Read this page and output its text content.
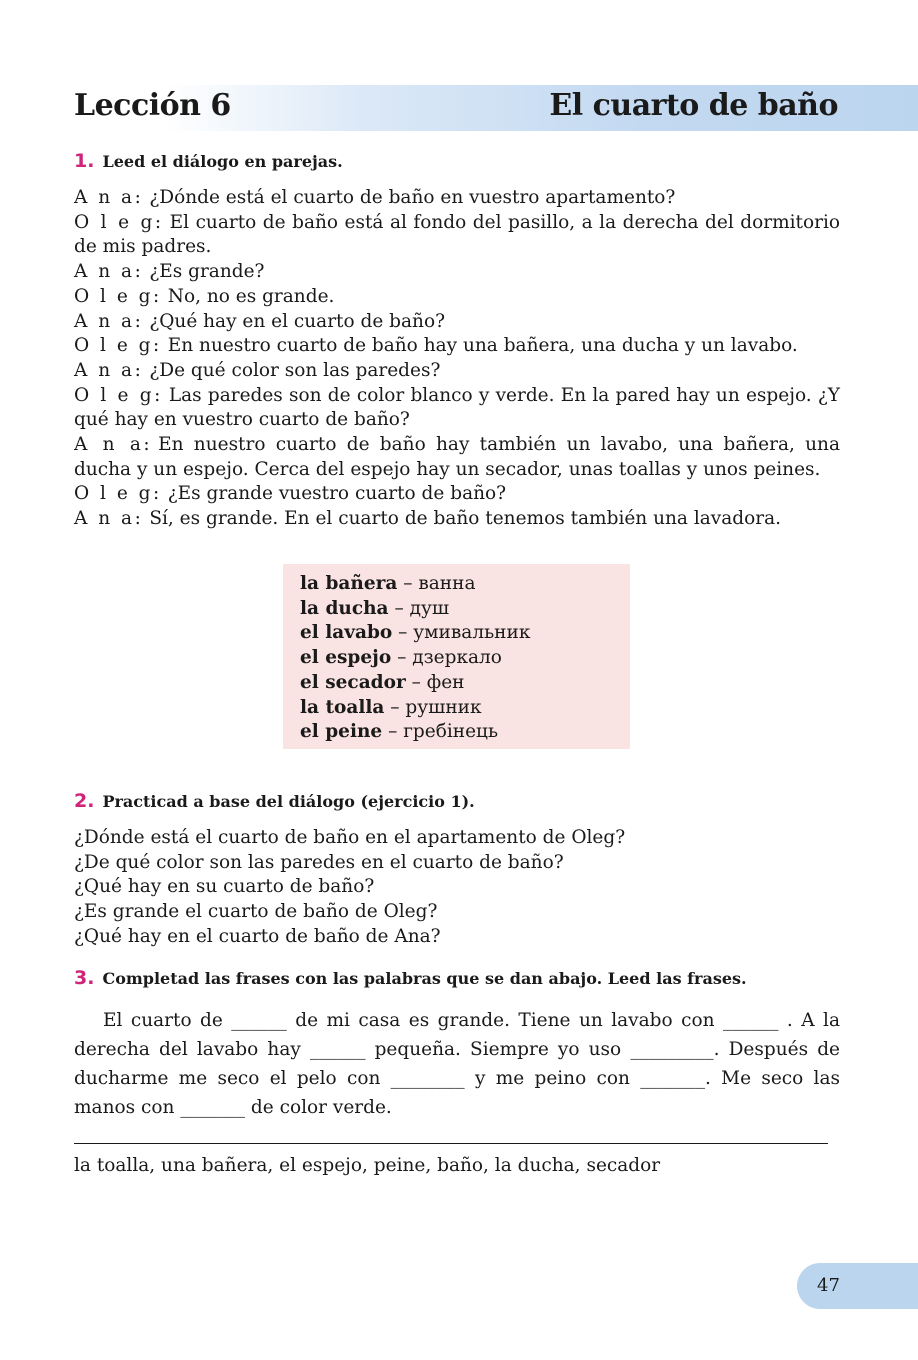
Lección 6	El cuarto de baño
1. Leed el diálogo en parejas.
A n a: ¿Dónde está el cuarto de baño en vuestro apartamento?
O l e g: El cuarto de baño está al fondo del pasillo, a la derecha del dormitorio de mis padres.
A n a: ¿Es grande?
O l e g: No, no es grande.
A n a: ¿Qué hay en el cuarto de baño?
O l e g: En nuestro cuarto de baño hay una bañera, una ducha y un lavabo.
A n a: ¿De qué color son las paredes?
O l e g: Las paredes son de color blanco y verde. En la pared hay un espejo. ¿Y qué hay en vuestro cuarto de baño?
A n a: En nuestro cuarto de baño hay también un lavabo, una bañera, una ducha y un espejo. Cerca del espejo hay un secador, unas toallas y unos peines.
O l e g: ¿Es grande vuestro cuarto de baño?
A n a: Sí, es grande. En el cuarto de baño tenemos también una lavadora.
la bañera – ванна
la ducha – душ
el lavabo – умивальник
el espejo – дзеркало
el secador – фен
la toalla – рушник
el peine – гребінець
2. Practicad a base del diálogo (ejercicio 1).
¿Dónde está el cuarto de baño en el apartamento de Oleg?
¿De qué color son las paredes en el cuarto de baño?
¿Qué hay en su cuarto de baño?
¿Es grande el cuarto de baño de Oleg?
¿Qué hay en el cuarto de baño de Ana?
3. Completad las frases con las palabras que se dan abajo. Leed las frases.
El cuarto de ______ de mi casa es grande. Tiene un lavabo con ______ . A la derecha del lavabo hay ______ pequeña. Siempre yo uso _________. Después de ducharme me seco el pelo con ________ y me peino con _______. Me seco las manos con _______ de color verde.
la toalla, una bañera, el espejo, peine, baño, la ducha, secador
47
